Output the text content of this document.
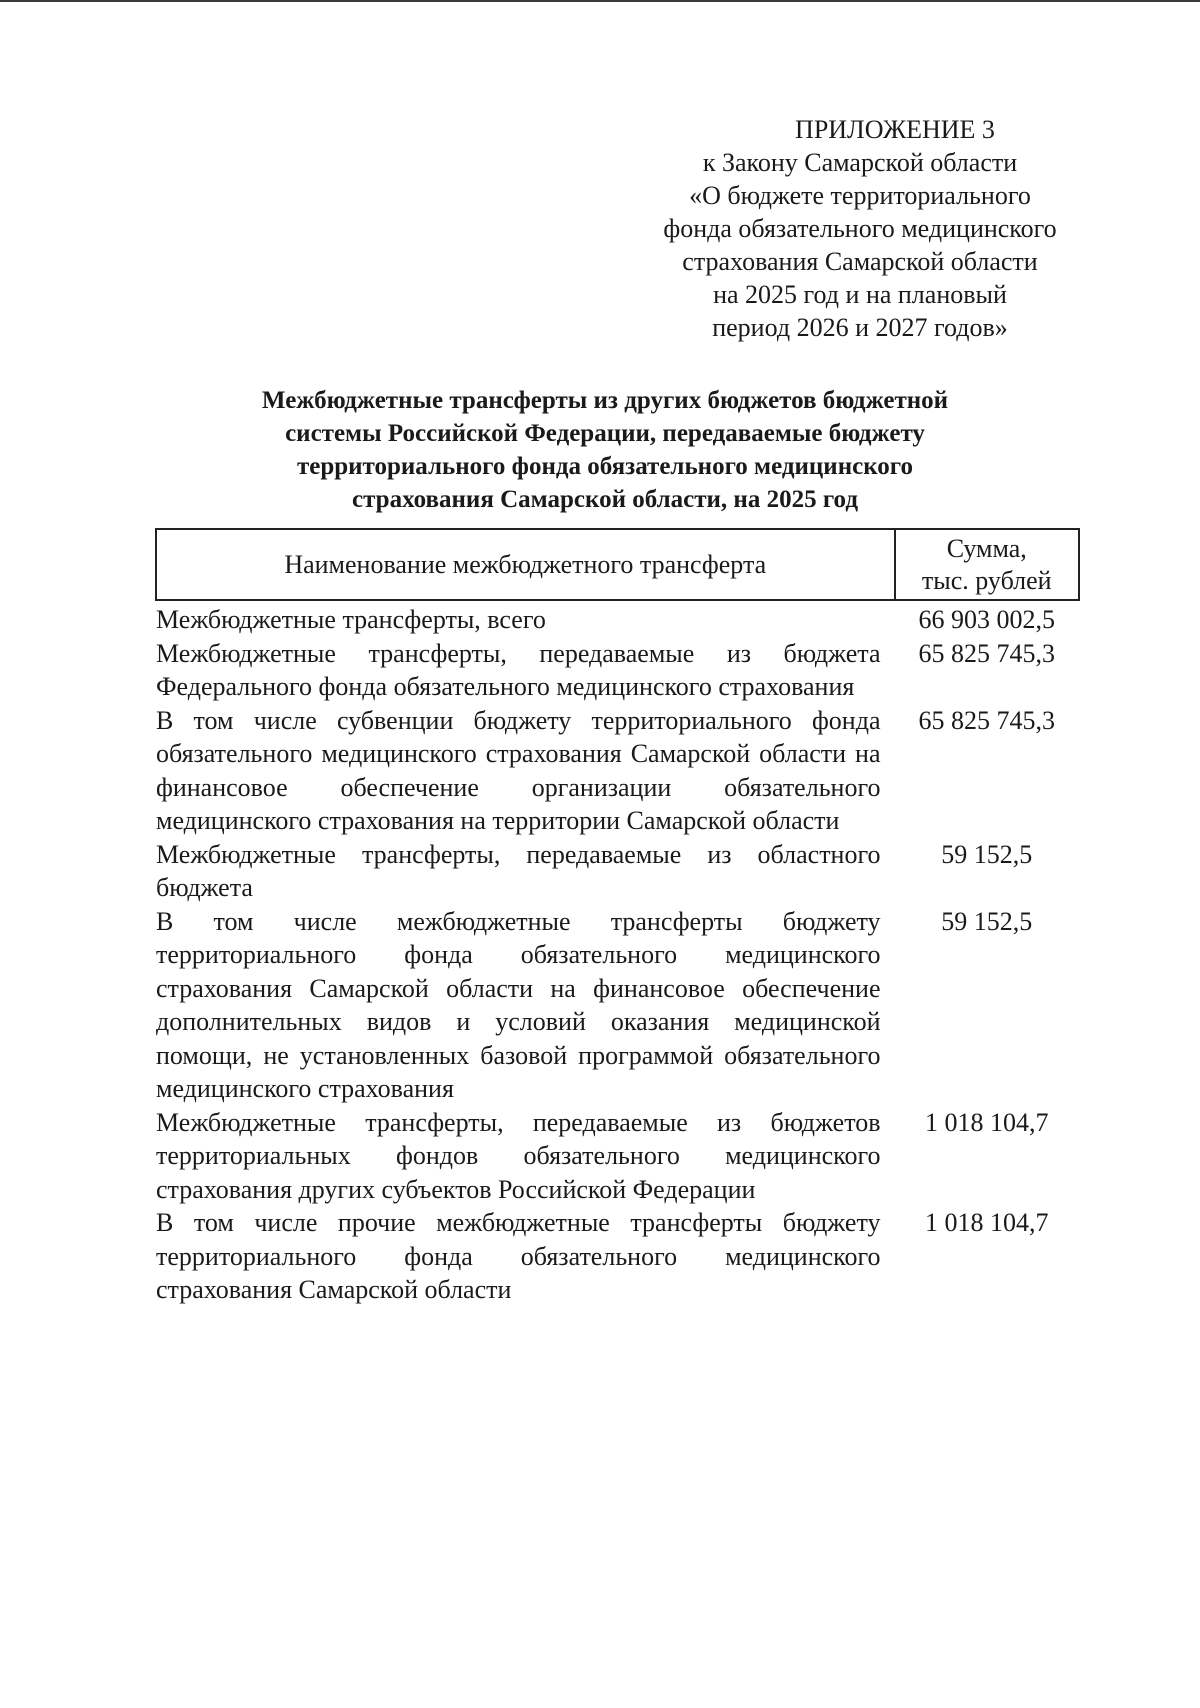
ПРИЛОЖЕНИЕ 3
к Закону Самарской области
«О бюджете территориального
фонда обязательного медицинского
страхования Самарской области
на 2025 год и на плановый
период 2026 и 2027 годов»
Межбюджетные трансферты из других бюджетов бюджетной
системы Российской Федерации, передаваемые бюджету
территориального фонда обязательного медицинского
страхования Самарской области, на 2025 год
Наименование межбюджетного трансферта	Сумма,
тыс. рублей
Межбюджетные трансферты, всего	66 903 002,5
Межбюджетные трансферты, передаваемые из бюджета Федерального фонда обязательного медицинского страхования	65 825 745,3
В том числе субвенции бюджету территориального фонда обязательного медицинского страхования Самарской области на финансовое обеспечение организации обязательного медицинского страхования на территории Самарской области	65 825 745,3
Межбюджетные трансферты, передаваемые из областного бюджета	59 152,5
В том числе межбюджетные трансферты бюджету территориального фонда обязательного медицинского страхования Самарской области на финансовое обеспечение дополнительных видов и условий оказания медицинской помощи, не установленных базовой программой обязательного медицинского страхования	59 152,5
Межбюджетные трансферты, передаваемые из бюджетов территориальных фондов обязательного медицинского страхования других субъектов Российской Федерации	1 018 104,7
В том числе прочие межбюджетные трансферты бюджету территориального фонда обязательного медицинского страхования Самарской области	1 018 104,7
